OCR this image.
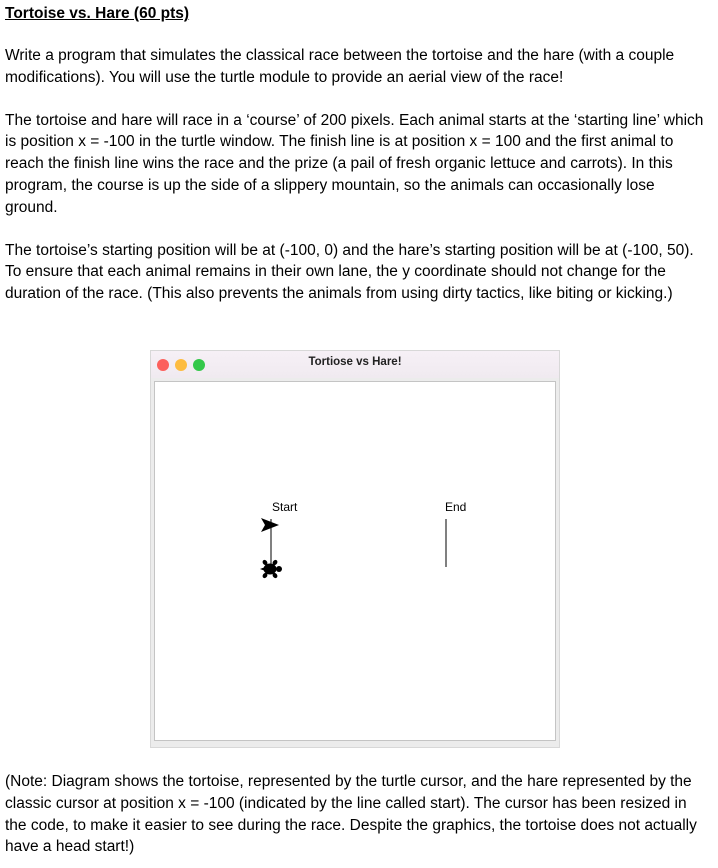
Tortoise vs. Hare (60 pts)

Write a program that simulates the classical race between the tortoise and the hare (with a couple modifications). You will use the turtle module to provide an aerial view of the race!

The tortoise and hare will race in a ‘course’ of 200 pixels. Each animal starts at the ‘starting line’ which is position x = -100 in the turtle window. The finish line is at position x = 100 and the first animal to reach the finish line wins the race and the prize (a pail of fresh organic lettuce and carrots). In this program, the course is up the side of a slippery mountain, so the animals can occasionally lose ground.

The tortoise’s starting position will be at (-100, 0) and the hare’s starting position will be at (-100, 50). To ensure that each animal remains in their own lane, the y coordinate should not change for the duration of the race. (This also prevents the animals from using dirty tactics, like biting or kicking.)

Tortiose vs Hare!
Start	End
(Note: Diagram shows the tortoise, represented by the turtle cursor, and the hare represented by the classic cursor at position x = -100 (indicated by the line called start). The cursor has been resized in the code, to make it easier to see during the race. Despite the graphics, the tortoise does not actually have a head start!)
